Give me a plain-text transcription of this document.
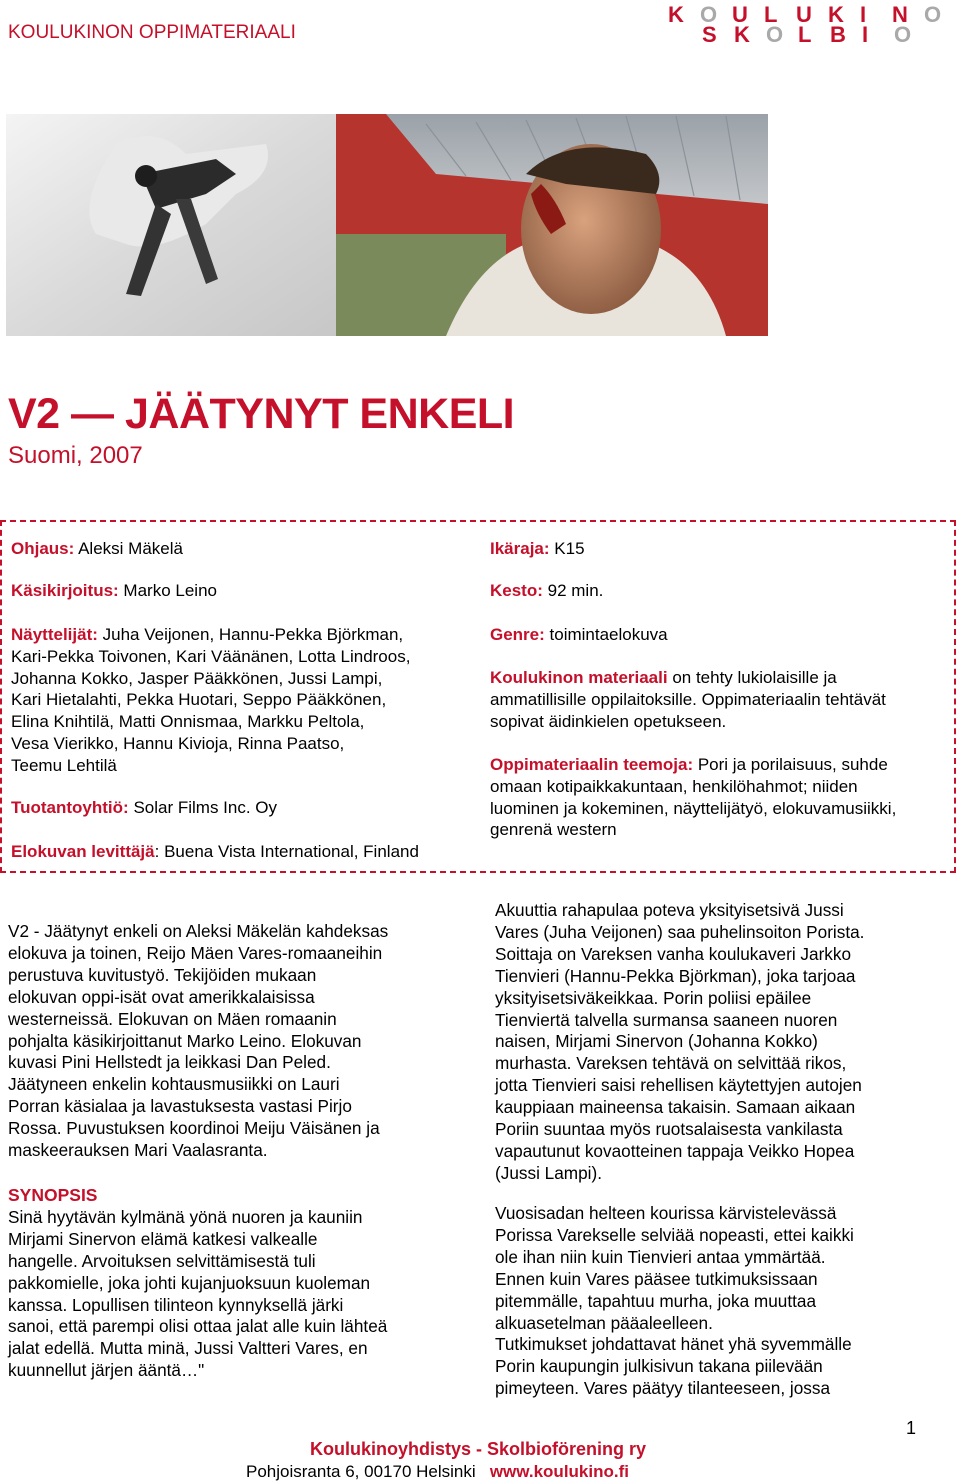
KOULUKINON OPPIMATERIAALI
K O U L U K I N O
S K O L B I O
V2 — JÄÄTYNYT ENKELI
Suomi, 2007
Ohjaus: Aleksi Mäkelä
Käsikirjoitus: Marko Leino
Näyttelijät: Juha Veijonen, Hannu-Pekka Björkman,
Kari-Pekka Toivonen, Kari Väänänen, Lotta Lindroos,
Johanna Kokko, Jasper Pääkkönen, Jussi Lampi,
Kari Hietalahti, Pekka Huotari, Seppo Pääkkönen,
Elina Knihtilä, Matti Onnismaa, Markku Peltola,
Vesa Vierikko, Hannu Kivioja, Rinna Paatso,
Teemu Lehtilä
Tuotantoyhtiö: Solar Films Inc. Oy
Elokuvan levittäjä: Buena Vista International, Finland
Ikäraja: K15
Kesto: 92 min.
Genre: toimintaelokuva
Koulukinon materiaali on tehty lukiolaisille ja
ammatillisille oppilaitoksille. Oppimateriaalin tehtävät
sopivat äidinkielen opetukseen.
Oppimateriaalin teemoja: Pori ja porilaisuus, suhde
omaan kotipaikkakuntaan, henkilöhahmot; niiden
luominen ja kokeminen, näyttelijätyö, elokuvamusiikki,
genrenä western

V2 - Jäätynyt enkeli on Aleksi Mäkelän kahdeksas

elokuva ja toinen, Reijo Mäen Vares-romaaneihin

perustuva kuvitustyö. Tekijöiden mukaan

elokuvan oppi-isät ovat amerikkalaisissa

westerneissä. Elokuvan on Mäen romaanin

pohjalta käsikirjoittanut Marko Leino. Elokuvan

kuvasi Pini Hellstedt ja leikkasi Dan Peled.

Jäätyneen enkelin kohtausmusiikki on Lauri

Porran käsialaa ja lavastuksesta vastasi Pirjo

Rossa. Puvustuksen koordinoi Meiju Väisänen ja

maskeerauksen Mari Vaalasranta.

SYNOPSIS

Sinä hyytävän kylmänä yönä nuoren ja kauniin

Mirjami Sinervon elämä katkesi valkealle

hangelle. Arvoituksen selvittämisestä tuli

pakkomielle, joka johti kujanjuoksuun kuoleman

kanssa. Lopullisen tilinteon kynnyksellä järki

sanoi, että parempi olisi ottaa jalat alle kuin lähteä

jalat edellä. Mutta minä, Jussi Valtteri Vares, en

kuunnellut järjen ääntä…"

Akuuttia rahapulaa poteva yksityisetsivä Jussi

Vares (Juha Veijonen) saa puhelinsoiton Porista.

Soittaja on Vareksen vanha koulukaveri Jarkko

Tienvieri (Hannu-Pekka Björkman), joka tarjoaa

yksityisetsiväkeikkaa. Porin poliisi epäilee

Tienviertä talvella surmansa saaneen nuoren

naisen, Mirjami Sinervon (Johanna Kokko)

murhasta. Vareksen tehtävä on selvittää rikos,

jotta Tienvieri saisi rehellisen käytettyjen autojen

kauppiaan maineensa takaisin. Samaan aikaan

Poriin suuntaa myös ruotsalaisesta vankilasta

vapautunut kovaotteinen tappaja Veikko Hopea

(Jussi Lampi).

Vuosisadan helteen kourissa kärvistelevässä

Porissa Varekselle selviää nopeasti, ettei kaikki

ole ihan niin kuin Tienvieri antaa ymmärtää.

Ennen kuin Vares pääsee tutkimuksissaan

pitemmälle, tapahtuu murha, joka muuttaa

alkuasetelman pääaleelleen.

Tutkimukset johdattavat hänet yhä syvemmälle

Porin kaupungin julkisivun takana piilevään

pimeyteen. Vares päätyy tilanteeseen, jossa

1
Koulukinoyhdistys - Skolbioförening ry
Pohjoisranta 6, 00170 Helsinki www.koulukino.fi
